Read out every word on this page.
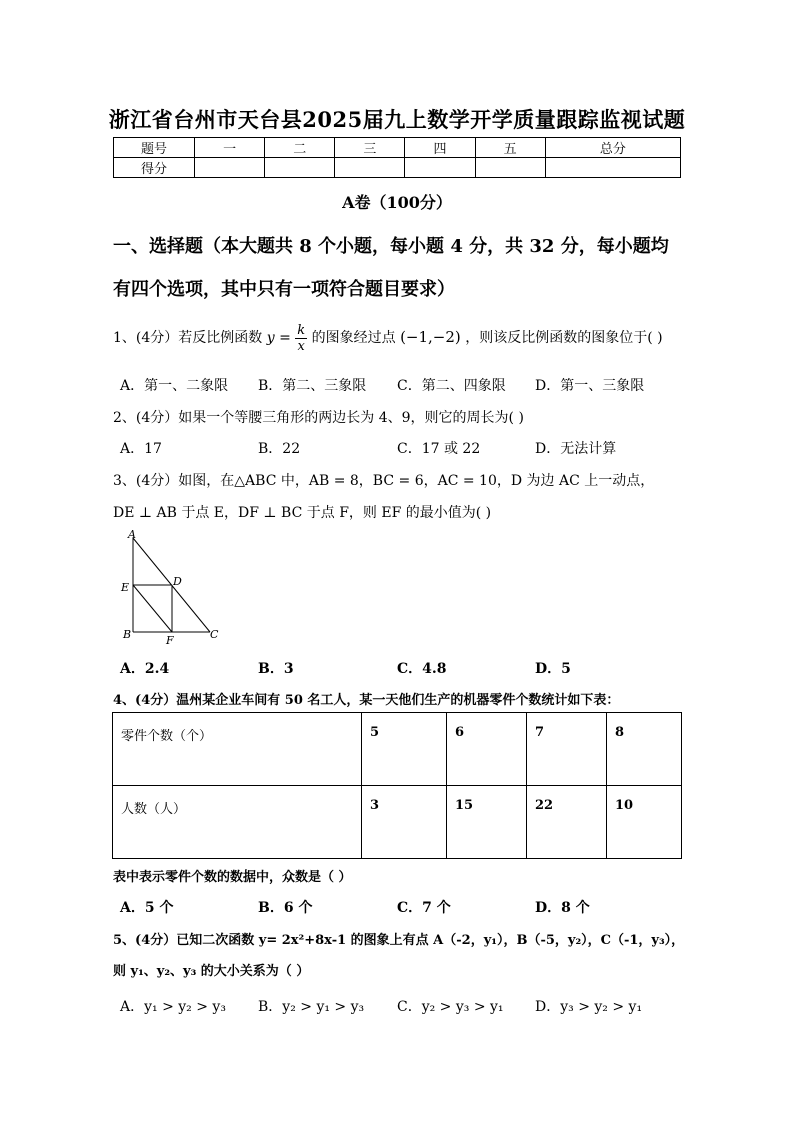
浙江省台州市天台县2025届九上数学开学质量跟踪监视试题
题号	一	二	三	四	五	总分
得分						
A卷（100分）
一、选择题（本大题共 8 个小题，每小题 4 分，共 32 分，每小题均
有四个选项，其中只有一项符合题目要求）
1、(4分）若反比例函数 $y = \frac{k}{x}$ 的图象经过点 (−1,−2) ，则该反比例函数的图象位于( )
A．第一、二象限 B．第二、三象限 C．第二、四象限 D．第一、三象限
2、(4分）如果一个等腰三角形的两边长为 4、9，则它的周长为( )
A．17	B．22	C．17 或 22	D．无法计算
3、(4分）如图，在△ABC 中，AB = 8，BC = 6，AC = 10，D 为边 AC 上一动点，
DE ⊥ AB 于点 E，DF ⊥ BC 于点 F，则 EF 的最小值为( )
A
E	D
B	F	C
A．2.4	B．3	C．4.8	D．5
4、(4分）温州某企业车间有 50 名工人，某一天他们生产的机器零件个数统计如下表：
零件个数（个）	5	6	7	8
人数（人）	3	15	22	10
表中表示零件个数的数据中，众数是（ ）
A．5 个	B．6 个	C．7 个	D．8 个
5、(4分）已知二次函数 y= 2x²+8x-1 的图象上有点 A（-2，y₁），B（-5，y₂），C（-1，y₃），
则 y₁、y₂、y₃ 的大小关系为（ ）
A．y₁ > y₂ > y₃ B．y₂ > y₁ > y₃ C．y₂ > y₃ > y₁ D．y₃ > y₂ > y₁
